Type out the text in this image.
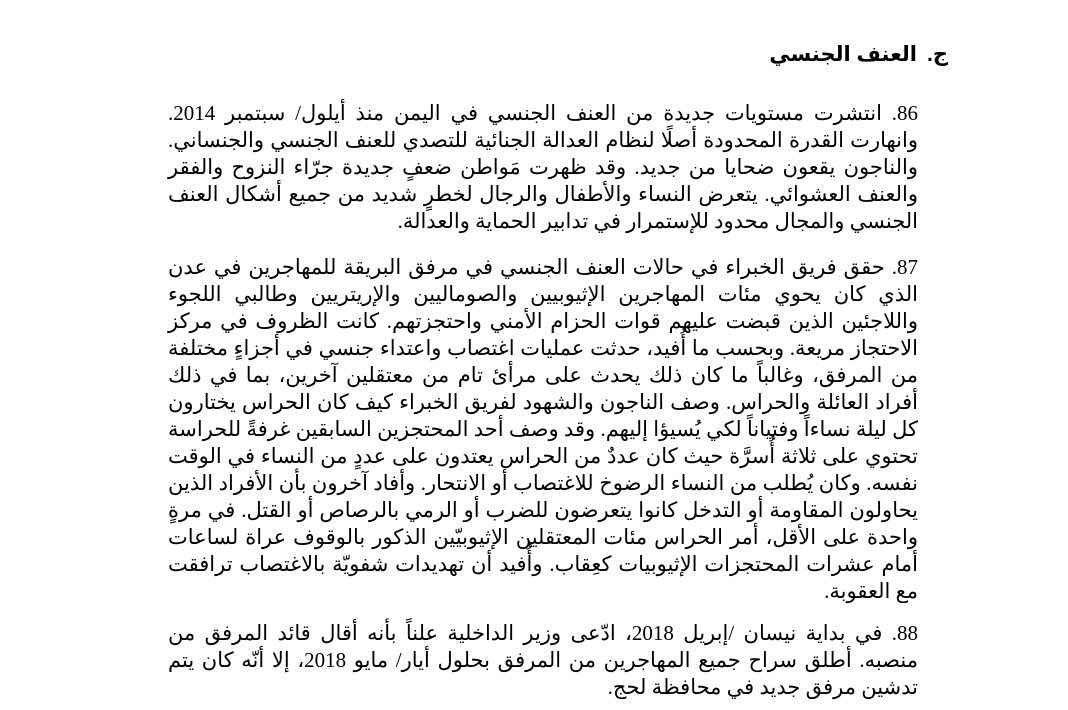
ج.العنف الجنسي

86. انتشرت مستويات جديدة من العنف الجنسي في اليمن منذ أيلول/ سبتمبر 2014. وانهارت القدرة المحدودة أصلًا لنظام العدالة الجنائية للتصدي للعنف الجنسي والجنساني. والناجون يقعون ضحايا من جديد. وقد ظهرت مَواطن ضعفٍ جديدة جرّاء النزوح والفقر والعنف العشوائي. يتعرض النساء والأطفال والرجال لخطرٍ شديد من جميع أشكال العنف الجنسي والمجال محدود للإستمرار في تدابير الحماية والعدالة.

87. حقق فريق الخبراء في حالات العنف الجنسي في مرفق البريقة للمهاجرين في عدن الذي كان يحوي مئات المهاجرين الإثيوبيين والصوماليين والإريتريين وطالبي اللجوء واللاجئين الذين قبضت عليهم قوات الحزام الأمني واحتجزتهم. كانت الظروف في مركز الاحتجاز مريعة. وبحسب ما أُفيد، حدثت عمليات اغتصاب واعتداء جنسي في أجزاءٍ مختلفة من المرفق، وغالباً ما كان ذلك يحدث على مرأئ تام من معتقلين آخرين، بما في ذلك أفراد العائلة والحراس. وصف الناجون والشهود لفريق الخبراء كيف كان الحراس يختارون كل ليلة نساءاً وفتياناً لكي يُسيؤا إليهم. وقد وصف أحد المحتجزين السابقين غرفةً للحراسة تحتوي على ثلاثة أُسرَّة حيث كان عددٌ من الحراس يعتدون على عددٍ من النساء في الوقت نفسه. وكان يُطلب من النساء الرضوخ للاغتصاب أو الانتحار. وأفاد آخرون بأن الأفراد الذين يحاولون المقاومة أو التدخل كانوا يتعرضون للضرب أو الرمي بالرصاص أو القتل. في مرةٍ واحدة على الأقل، أمر الحراس مئات المعتقلين الإثيوبيّين الذكور بالوقوف عراة لساعات أمام عشرات المحتجزات الإثيوبيات كعِقاب. وأُفيد أن تهديدات شفويّة بالاغتصاب ترافقت مع العقوبة.

88. في بداية نيسان /إبريل 2018، ادّعى وزير الداخلية علناً بأنه أقال قائد المرفق من منصبه. أطلق سراح جميع المهاجرين من المرفق بحلول أيار/ مايو 2018، إلا أنّه كان يتم تدشين مرفق جديد في محافظة لحج.
